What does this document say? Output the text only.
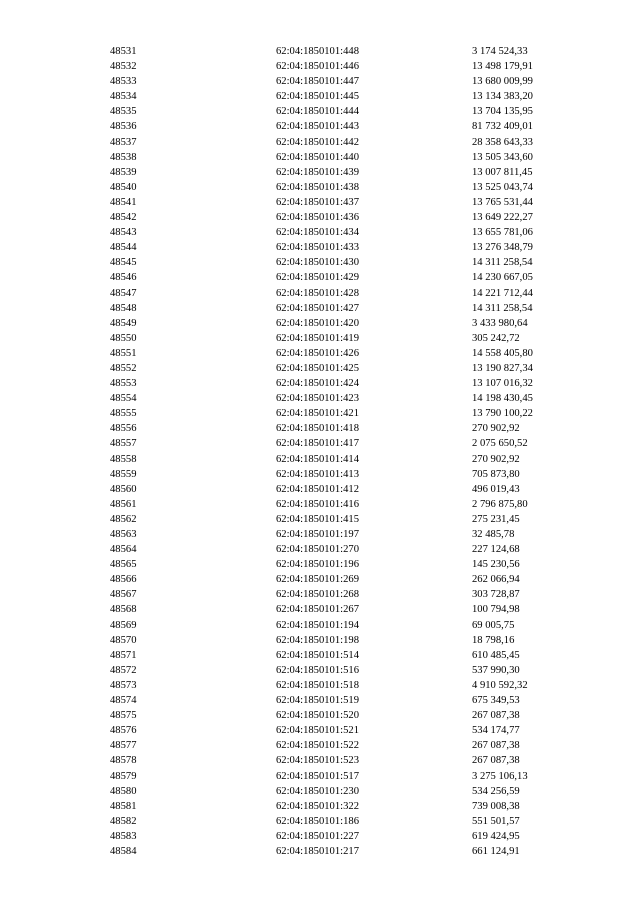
48531	62:04:1850101:448	3 174 524,33
48532	62:04:1850101:446	13 498 179,91
48533	62:04:1850101:447	13 680 009,99
48534	62:04:1850101:445	13 134 383,20
48535	62:04:1850101:444	13 704 135,95
48536	62:04:1850101:443	81 732 409,01
48537	62:04:1850101:442	28 358 643,33
48538	62:04:1850101:440	13 505 343,60
48539	62:04:1850101:439	13 007 811,45
48540	62:04:1850101:438	13 525 043,74
48541	62:04:1850101:437	13 765 531,44
48542	62:04:1850101:436	13 649 222,27
48543	62:04:1850101:434	13 655 781,06
48544	62:04:1850101:433	13 276 348,79
48545	62:04:1850101:430	14 311 258,54
48546	62:04:1850101:429	14 230 667,05
48547	62:04:1850101:428	14 221 712,44
48548	62:04:1850101:427	14 311 258,54
48549	62:04:1850101:420	3 433 980,64
48550	62:04:1850101:419	305 242,72
48551	62:04:1850101:426	14 558 405,80
48552	62:04:1850101:425	13 190 827,34
48553	62:04:1850101:424	13 107 016,32
48554	62:04:1850101:423	14 198 430,45
48555	62:04:1850101:421	13 790 100,22
48556	62:04:1850101:418	270 902,92
48557	62:04:1850101:417	2 075 650,52
48558	62:04:1850101:414	270 902,92
48559	62:04:1850101:413	705 873,80
48560	62:04:1850101:412	496 019,43
48561	62:04:1850101:416	2 796 875,80
48562	62:04:1850101:415	275 231,45
48563	62:04:1850101:197	32 485,78
48564	62:04:1850101:270	227 124,68
48565	62:04:1850101:196	145 230,56
48566	62:04:1850101:269	262 066,94
48567	62:04:1850101:268	303 728,87
48568	62:04:1850101:267	100 794,98
48569	62:04:1850101:194	69 005,75
48570	62:04:1850101:198	18 798,16
48571	62:04:1850101:514	610 485,45
48572	62:04:1850101:516	537 990,30
48573	62:04:1850101:518	4 910 592,32
48574	62:04:1850101:519	675 349,53
48575	62:04:1850101:520	267 087,38
48576	62:04:1850101:521	534 174,77
48577	62:04:1850101:522	267 087,38
48578	62:04:1850101:523	267 087,38
48579	62:04:1850101:517	3 275 106,13
48580	62:04:1850101:230	534 256,59
48581	62:04:1850101:322	739 008,38
48582	62:04:1850101:186	551 501,57
48583	62:04:1850101:227	619 424,95
48584	62:04:1850101:217	661 124,91
